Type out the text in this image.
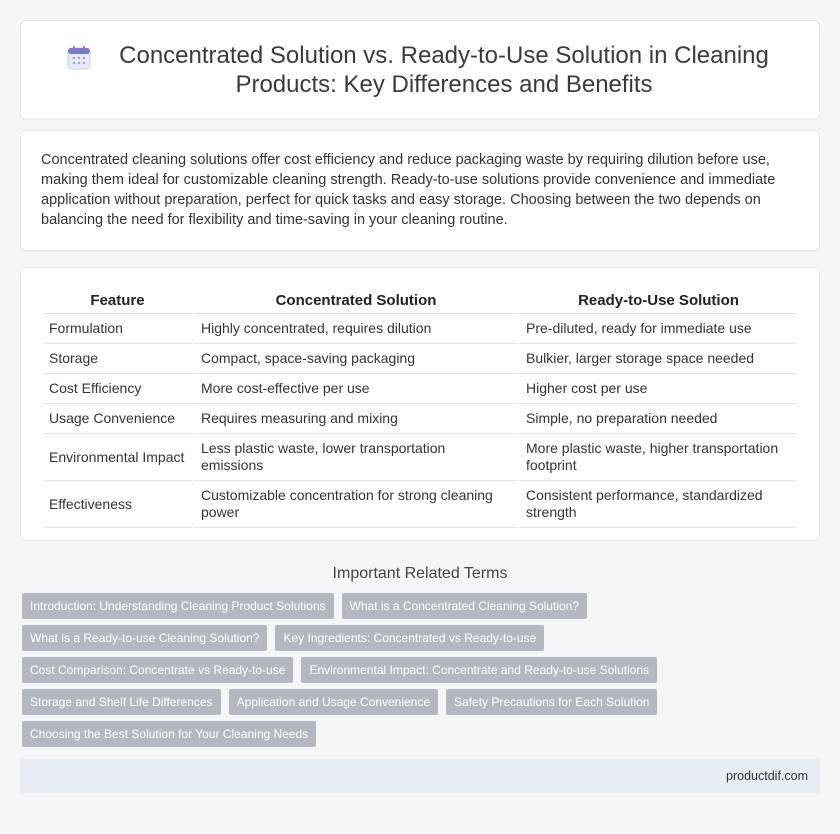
Concentrated Solution vs. Ready-to-Use Solution in Cleaning Products: Key Differences and Benefits
Concentrated cleaning solutions offer cost efficiency and reduce packaging waste by requiring dilution before use, making them ideal for customizable cleaning strength. Ready-to-use solutions provide convenience and immediate application without preparation, perfect for quick tasks and easy storage. Choosing between the two depends on balancing the need for flexibility and time-saving in your cleaning routine.
Feature	Concentrated Solution	Ready-to-Use Solution
Formulation	Highly concentrated, requires dilution	Pre-diluted, ready for immediate use
Storage	Compact, space-saving packaging	Bulkier, larger storage space needed
Cost Efficiency	More cost-effective per use	Higher cost per use
Usage Convenience	Requires measuring and mixing	Simple, no preparation needed
Environmental Impact	Less plastic waste, lower transportation emissions	More plastic waste, higher transportation footprint
Effectiveness	Customizable concentration for strong cleaning power	Consistent performance, standardized strength
Important Related Terms
Introduction: Understanding Cleaning Product Solutions	What is a Concentrated Cleaning Solution?
What is a Ready-to-use Cleaning Solution?	Key Ingredients: Concentrated vs Ready-to-use
Cost Comparison: Concentrate vs Ready-to-use	Environmental Impact: Concentrate and Ready-to-use Solutions
Storage and Shelf Life Differences	Application and Usage Convenience	Safety Precautions for Each Solution
Choosing the Best Solution for Your Cleaning Needs
productdif.com
